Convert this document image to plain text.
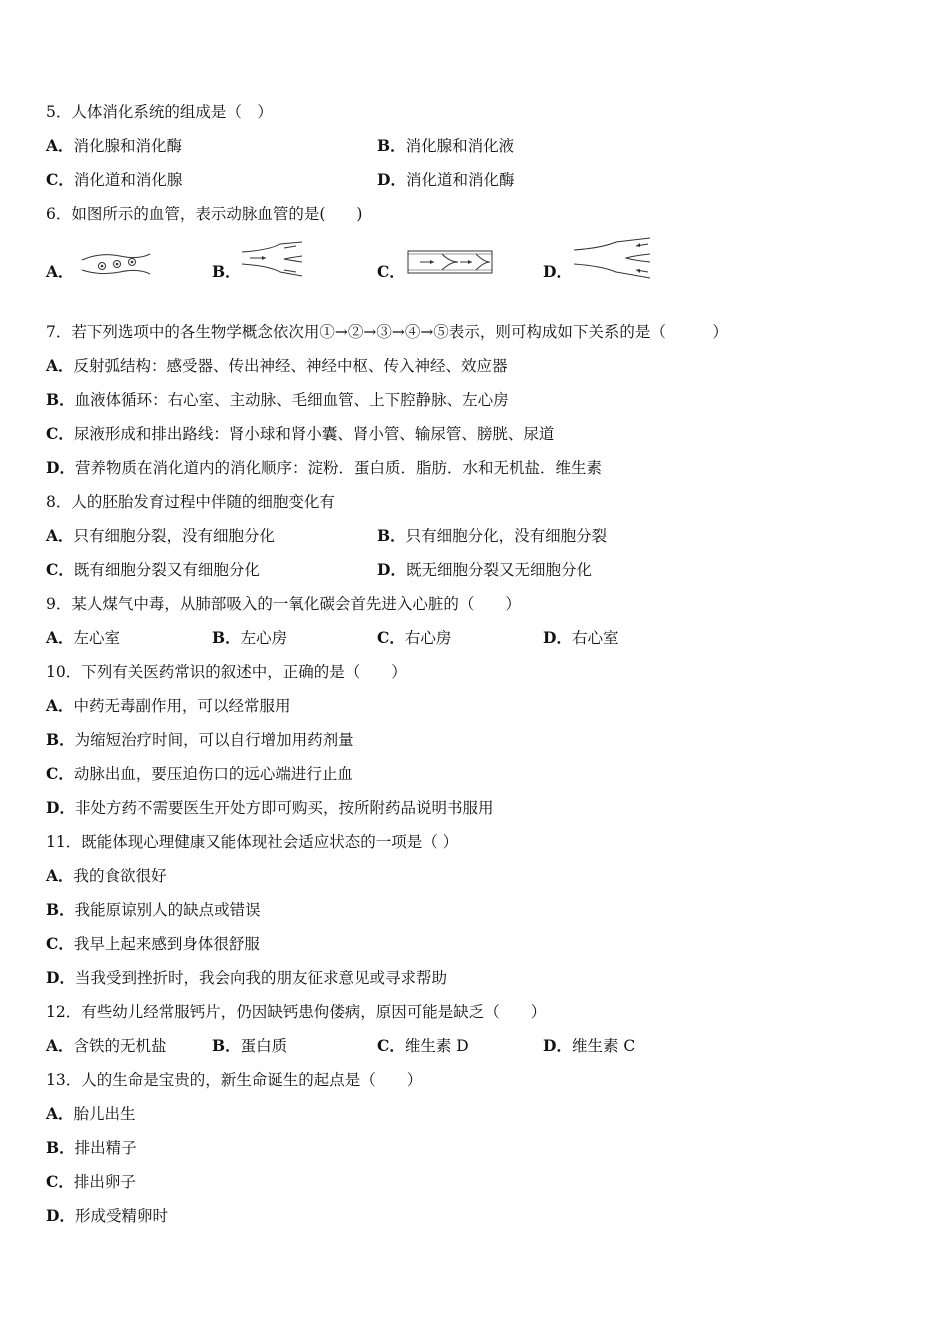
5．人体消化系统的组成是（　）
A．消化腺和消化酶	B．消化腺和消化液
C．消化道和消化腺	D．消化道和消化酶
6．如图所示的血管，表示动脉血管的是(　　)
A．	B．	C．	D．
7．若下列选项中的各生物学概念依次用①→②→③→④→⑤表示，则可构成如下关系的是（　　　）
A．反射弧结构：感受器、传出神经、神经中枢、传入神经、效应器
B．血液体循环：右心室、主动脉、毛细血管、上下腔静脉、左心房
C．尿液形成和排出路线：肾小球和肾小囊、肾小管、输尿管、膀胱、尿道
D．营养物质在消化道内的消化顺序：淀粉．蛋白质．脂肪．水和无机盐．维生素
8．人的胚胎发育过程中伴随的细胞变化有
A．只有细胞分裂，没有细胞分化	B．只有细胞分化，没有细胞分裂
C．既有细胞分裂又有细胞分化	D．既无细胞分裂又无细胞分化
9．某人煤气中毒，从肺部吸入的一氧化碳会首先进入心脏的（　　）
A．左心室	B．左心房	C．右心房	D．右心室
10．下列有关医药常识的叙述中，正确的是（　　）
A．中药无毒副作用，可以经常服用
B．为缩短治疗时间，可以自行增加用药剂量
C．动脉出血，要压迫伤口的远心端进行止血
D．非处方药不需要医生开处方即可购买，按所附药品说明书服用
11．既能体现心理健康又能体现社会适应状态的一项是（ ）
A．我的食欲很好
B．我能原谅别人的缺点或错误
C．我早上起来感到身体很舒服
D．当我受到挫折时，我会向我的朋友征求意见或寻求帮助
12．有些幼儿经常服钙片，仍因缺钙患佝偻病，原因可能是缺乏（　　）
A．含铁的无机盐	B．蛋白质	C．维生素 D	D．维生素 C
13．人的生命是宝贵的，新生命诞生的起点是（　　）
A．胎儿出生
B．排出精子
C．排出卵子
D．形成受精卵时
